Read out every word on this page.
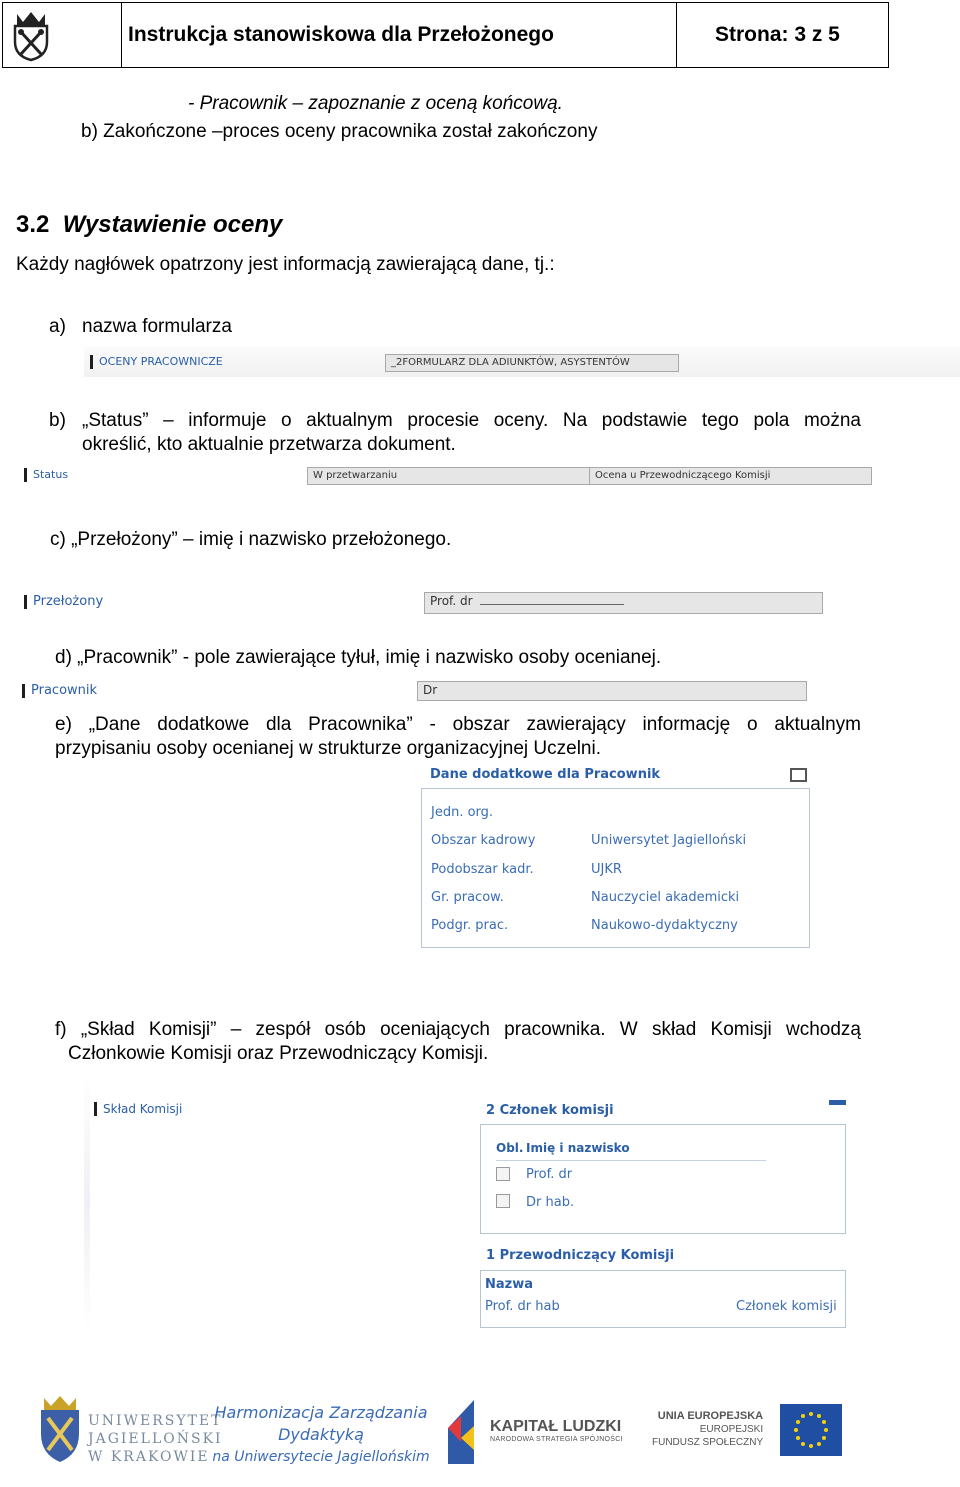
Instrukcja stanowiskowa dla Przełożonego	Strona: 3 z 5
- Pracownik – zapoznanie z oceną końcową.
b) Zakończone –proces oceny pracownika został zakończony
3.2 Wystawienie oceny
Każdy nagłówek opatrzony jest informacją zawierającą dane, tj.:
a) nazwa formularza
OCENY PRACOWNICZE	_2FORMULARZ DLA ADIUNKTÓW, ASYSTENTÓW
b) „Status” – informuje o aktualnym procesie oceny. Na podstawie tego pola można
określić, kto aktualnie przetwarza dokument.
Status	W przetwarzaniu	Ocena u Przewodniczącego Komisji
c) „Przełożony” – imię i nazwisko przełożonego.
Przełożony	Prof. dr
d) „Pracownik” - pole zawierające tyłuł, imię i nazwisko osoby ocenianej.
Pracownik	Dr
e) „Dane dodatkowe dla Pracownika” - obszar zawierający informację o aktualnym
przypisaniu osoby ocenianej w strukturze organizacyjnej Uczelni.
Dane dodatkowe dla Pracownik
Jedn. org.
Obszar kadrowy	Uniwersytet Jagielloński
Podobszar kadr.	UJKR
Gr. pracow.	Nauczyciel akademicki
Podgr. prac.	Naukowo-dydaktyczny
f) „Skład Komisji” – zespół osób oceniających pracownika. W skład Komisji wchodzą
Członkowie Komisji oraz Przewodniczący Komisji.
Skład Komisji	2 Członek komisji
Obl. Imię i nazwisko
Prof. dr
Dr hab.
1 Przewodniczący Komisji
Nazwa
Prof. dr hab	Członek komisji
UNIWERSYTET
JAGIELLOŃSKI
W KRAKOWIE
Harmonizacja Zarządzania
Dydaktyką
na Uniwersytecie Jagiellońskim
KAPITAŁ LUDZKI
NARODOWA STRATEGIA SPÓJNOŚCI
UNIA EUROPEJSKA
EUROPEJSKI
FUNDUSZ SPOŁECZNY
